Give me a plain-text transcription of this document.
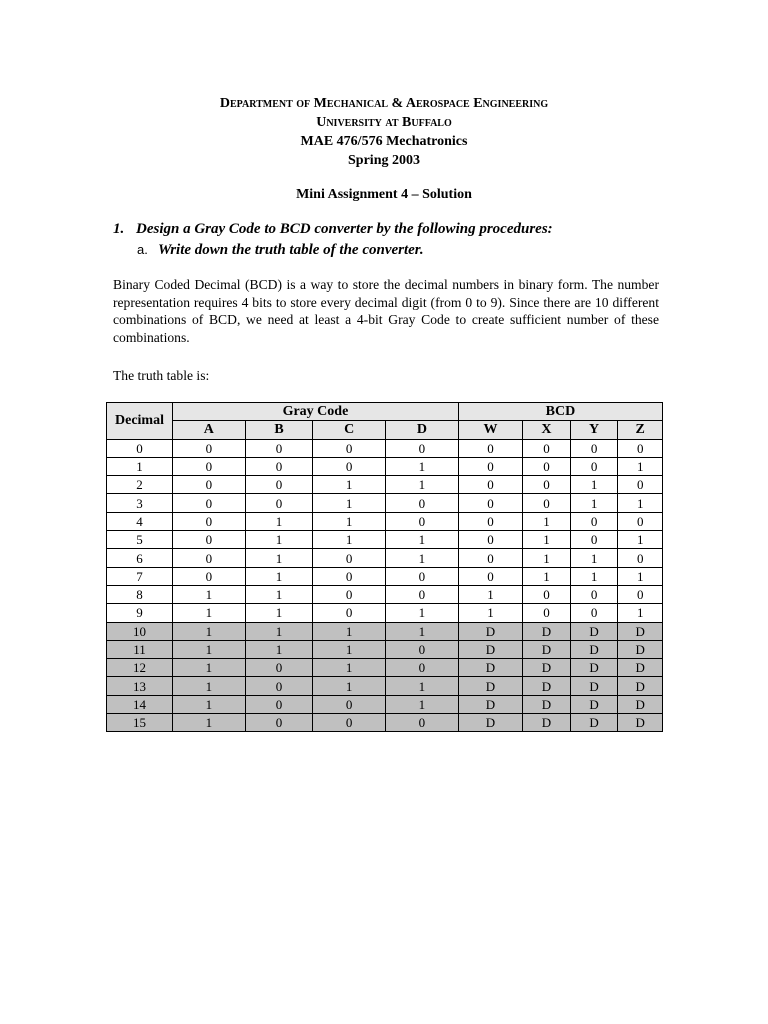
Department of Mechanical & Aerospace Engineering
University at Buffalo
MAE 476/576 Mechatronics
Spring 2003
Mini Assignment 4 – Solution
1. Design a Gray Code to BCD converter by the following procedures:
a. Write down the truth table of the converter.
Binary Coded Decimal (BCD) is a way to store the decimal numbers in binary form. The number representation requires 4 bits to store every decimal digit (from 0 to 9). Since there are 10 different combinations of BCD, we need at least a 4-bit Gray Code to create sufficient number of these combinations.
The truth table is:
Decimal	Gray Code				BCD			
	A	B	C	D	W	X	Y	Z
0	0	0	0	0	0	0	0	0
1	0	0	0	1	0	0	0	1
2	0	0	1	1	0	0	1	0
3	0	0	1	0	0	0	1	1
4	0	1	1	0	0	1	0	0
5	0	1	1	1	0	1	0	1
6	0	1	0	1	0	1	1	0
7	0	1	0	0	0	1	1	1
8	1	1	0	0	1	0	0	0
9	1	1	0	1	1	0	0	1
10	1	1	1	1	D	D	D	D
11	1	1	1	0	D	D	D	D
12	1	0	1	0	D	D	D	D
13	1	0	1	1	D	D	D	D
14	1	0	0	1	D	D	D	D
15	1	0	0	0	D	D	D	D
